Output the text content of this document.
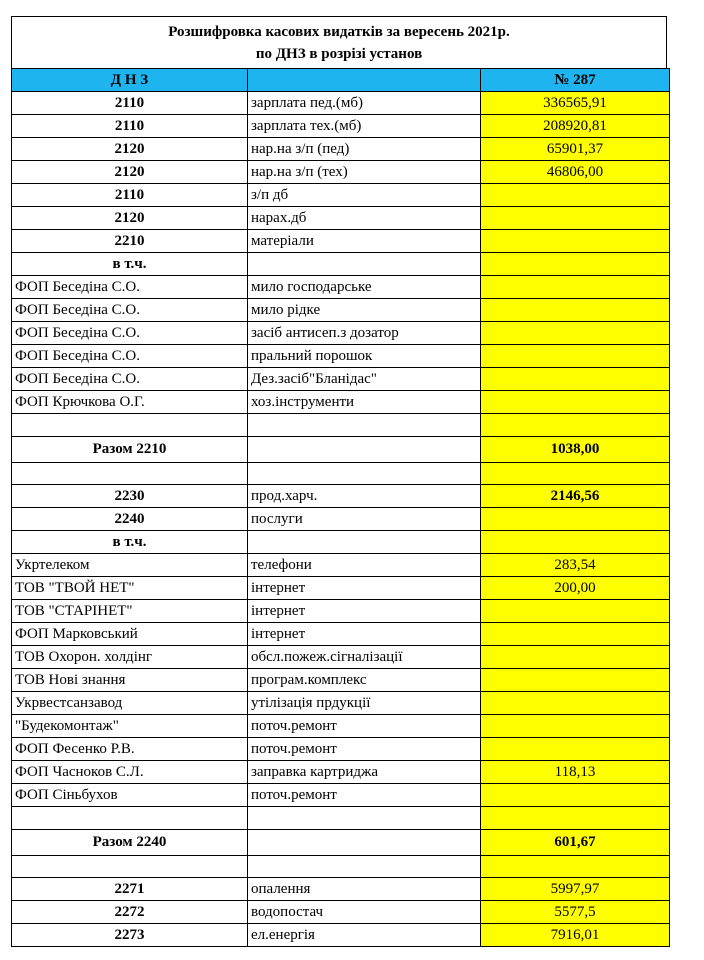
Розшифровка касових видатків за вересень 2021р.
по ДНЗ в розрізі установ
Д Н З		№ 287
2110	зарплата пед.(мб)	336565,91
2110	зарплата тех.(мб)	208920,81
2120	нар.на з/п (пед)	65901,37
2120	нар.на з/п (тех)	46806,00
2110	з/п дб	
2120	нарах.дб	
2210	матеріали	
в т.ч.		
ФОП Беседіна С.О.	мило господарське	
ФОП Беседіна С.О.	мило рідке	
ФОП Беседіна С.О.	засіб антисеп.з дозатор	
ФОП Беседіна С.О.	пральний порошок	
ФОП Беседіна С.О.	Дез.засіб"Бланідас"	
ФОП Крючкова О.Г.	хоз.інструменти	

Разом 2210		1038,00

2230	прод.харч.	2146,56
2240	послуги	
в т.ч.		
Укртелеком	телефони	283,54
ТОВ "ТВОЙ НЕТ"	інтернет	200,00
ТОВ "СТАРІНЕТ"	інтернет	
ФОП Марковський	інтернет	
ТОВ Охорон. холдінг	обсл.пожеж.сігналізації	
ТОВ Нові знання	програм.комплекс	
Укрвестсанзавод	утілізація прдукції	
"Будекомонтаж"	поточ.ремонт	
ФОП Фесенко Р.В.	поточ.ремонт	
ФОП Часноков С.Л.	заправка картриджа	118,13
ФОП Сіньбухов	поточ.ремонт	

Разом 2240		601,67

2271	опалення	5997,97
2272	водопостач	5577,5
2273	ел.енергія	7916,01
